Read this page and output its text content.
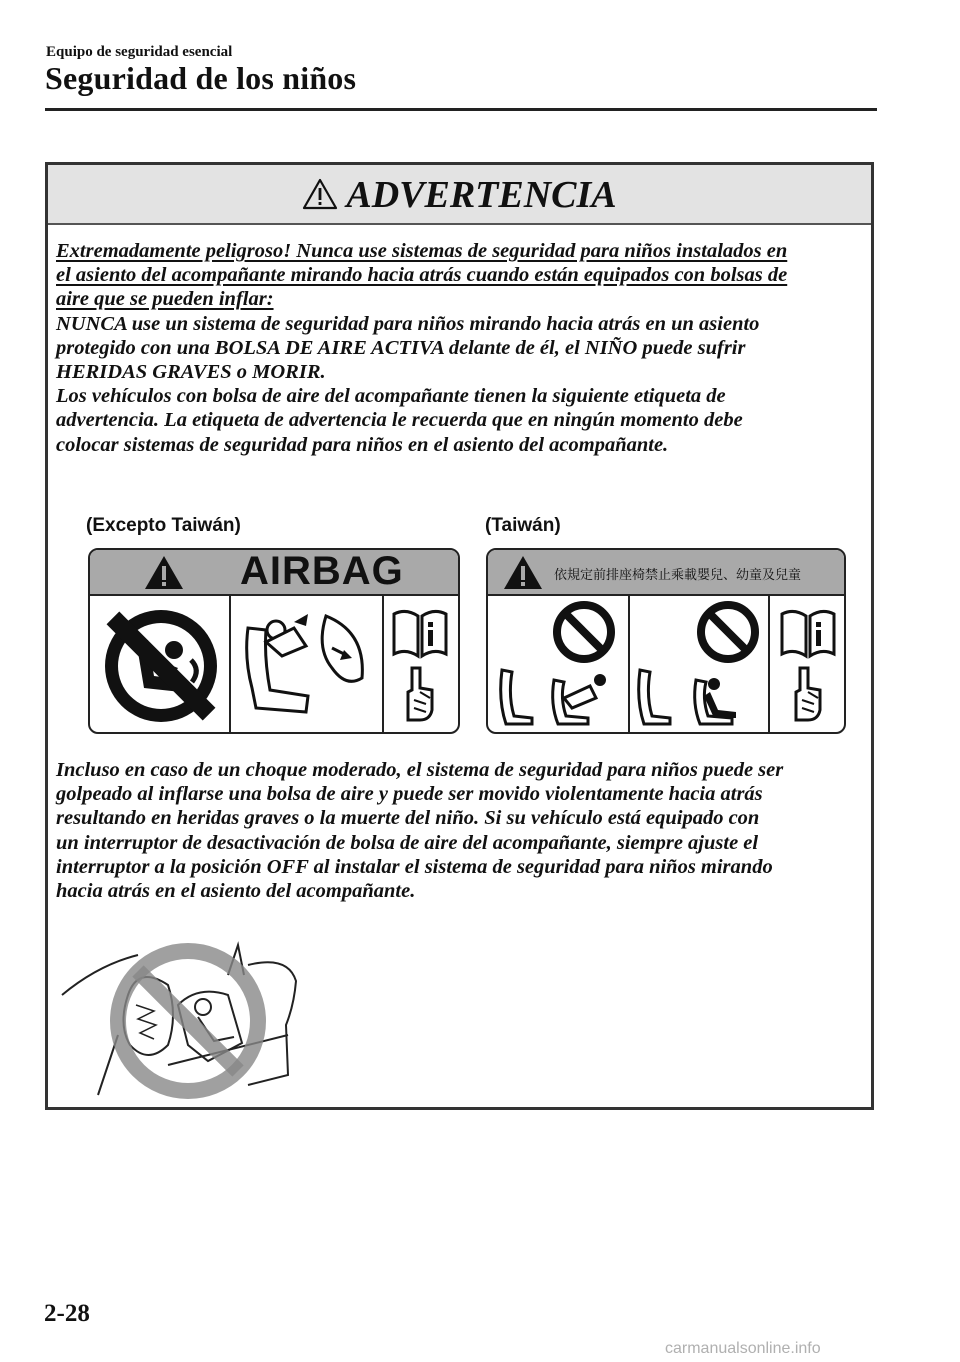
Equipo de seguridad esencial
Seguridad de los niños
ADVERTENCIA
Extremadamente peligroso! Nunca use sistemas de seguridad para niños instalados en
el asiento del acompañante mirando hacia atrás cuando están equipados con bolsas de
aire que se pueden inflar:
NUNCA use un sistema de seguridad para niños mirando hacia atrás en un asiento
protegido con una BOLSA DE AIRE ACTIVA delante de él, el NIÑO puede sufrir
HERIDAS GRAVES o MORIR.
Los vehículos con bolsa de aire del acompañante tienen la siguiente etiqueta de
advertencia. La etiqueta de advertencia le recuerda que en ningún momento debe
colocar sistemas de seguridad para niños en el asiento del acompañante.
(Excepto Taiwán)	(Taiwán)
AIRBAG	依規定前排座椅禁止乘載嬰兒、幼童及兒童
Incluso en caso de un choque moderado, el sistema de seguridad para niños puede ser
golpeado al inflarse una bolsa de aire y puede ser movido violentamente hacia atrás
resultando en heridas graves o la muerte del niño. Si su vehículo está equipado con
un interruptor de desactivación de bolsa de aire del acompañante, siempre ajuste el
interruptor a la posición OFF al instalar el sistema de seguridad para niños mirando
hacia atrás en el asiento del acompañante.
2-28
carmanualsonline.info
